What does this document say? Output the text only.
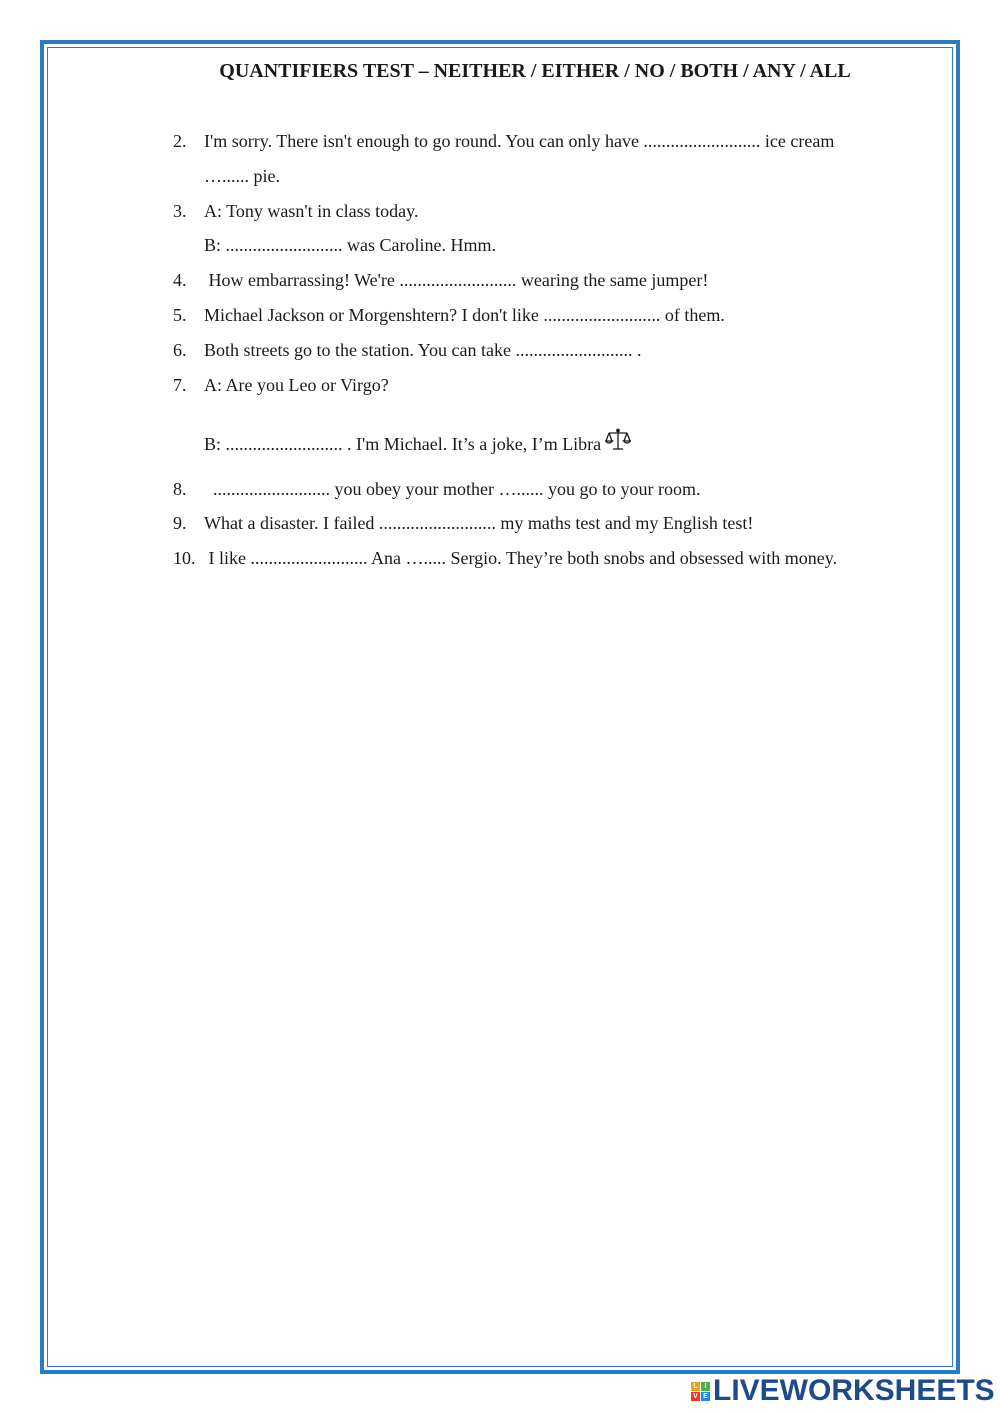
QUANTIFIERS TEST – NEITHER / EITHER / NO / BOTH / ANY / ALL
2. I'm sorry. There isn't enough to go round. You can only have .......................... ice cream
…...... pie.
3. A: Tony wasn't in class today.
B: .......................... was Caroline. Hmm.
4. How embarrassing! We're .......................... wearing the same jumper!
5. Michael Jackson or Morgenshtern? I don't like .......................... of them.
6. Both streets go to the station. You can take .......................... .
7. A: Are you Leo or Virgo?
B: .......................... . I'm Michael. It’s a joke, I’m Libra
8. .......................... you obey your mother …...... you go to your room.
9. What a disaster. I failed .......................... my maths test and my English test!
10. I like .......................... Ana …..... Sergio. They’re both snobs and obsessed with money.
L I
V E LIVEWORKSHEETS
